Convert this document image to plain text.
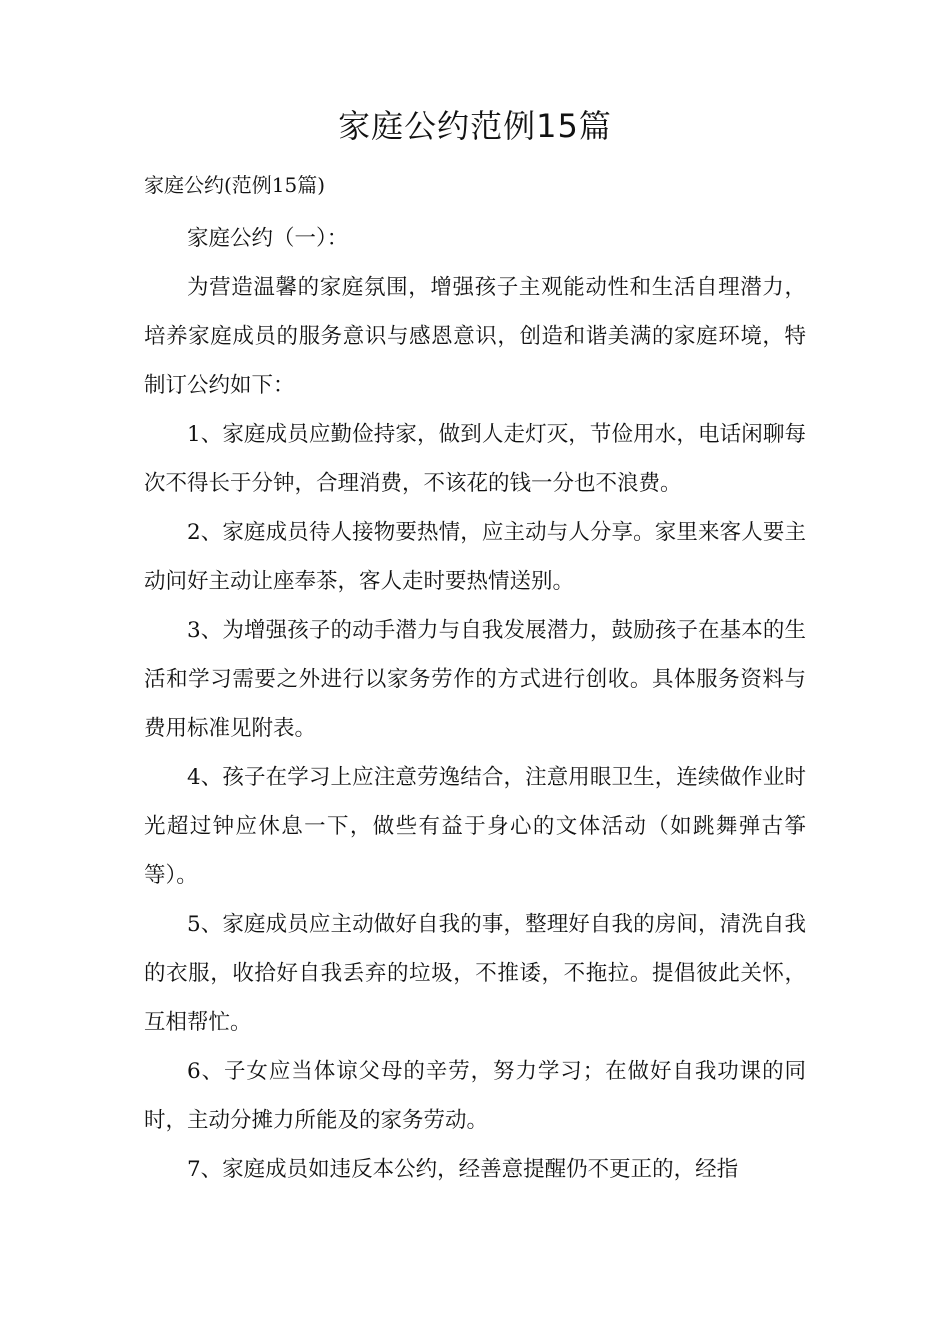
家庭公约范例15篇

家庭公约(范例15篇)

家庭公约（一）：

为营造温馨的家庭氛围，增强孩子主观能动性和生活自理潜力，培养家庭成员的服务意识与感恩意识，创造和谐美满的家庭环境，特制订公约如下：

1、家庭成员应勤俭持家，做到人走灯灭，节俭用水，电话闲聊每次不得长于分钟，合理消费，不该花的钱一分也不浪费。

2、家庭成员待人接物要热情，应主动与人分享。家里来客人要主动问好主动让座奉茶，客人走时要热情送别。

3、为增强孩子的动手潜力与自我发展潜力，鼓励孩子在基本的生活和学习需要之外进行以家务劳作的方式进行创收。具体服务资料与费用标准见附表。

4、孩子在学习上应注意劳逸结合，注意用眼卫生，连续做作业时光超过钟应休息一下，做些有益于身心的文体活动（如跳舞弹古筝等）。

5、家庭成员应主动做好自我的事，整理好自我的房间，清洗自我的衣服，收拾好自我丢弃的垃圾，不推诿，不拖拉。提倡彼此关怀，互相帮忙。

6、子女应当体谅父母的辛劳，努力学习；在做好自我功课的同时，主动分摊力所能及的家务劳动。

7、家庭成员如违反本公约，经善意提醒仍不更正的，经指
